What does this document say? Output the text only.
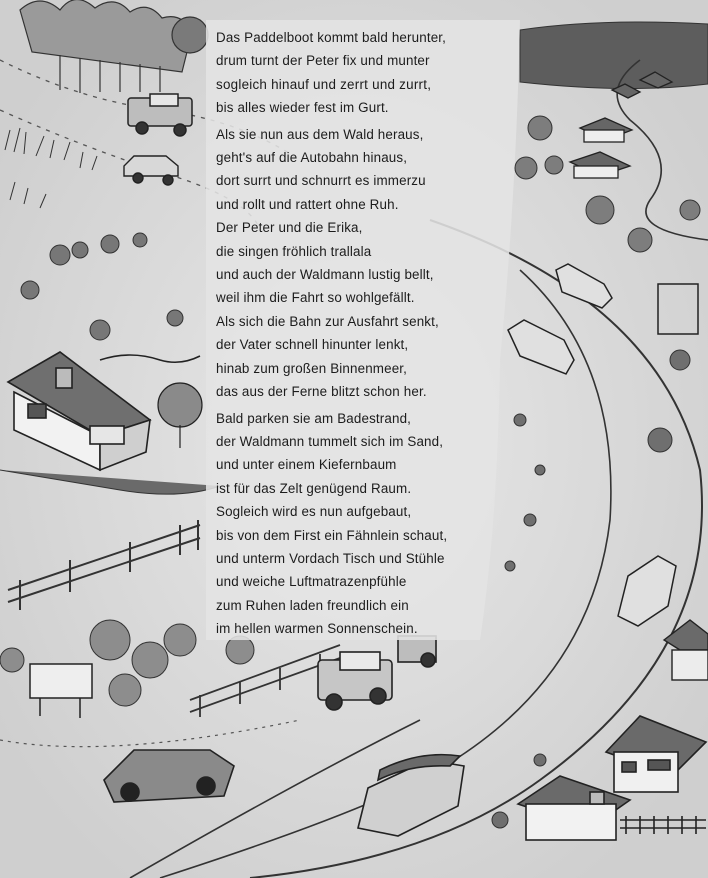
Das Paddelboot kommt bald herunter,
drum turnt der Peter fix und munter
sogleich hinauf und zerrt und zurrt,
bis alles wieder fest im Gurt.
Als sie nun aus dem Wald heraus,
geht's auf die Autobahn hinaus,
dort surrt und schnurrt es immerzu
und rollt und rattert ohne Ruh.
Der Peter und die Erika,
die singen fröhlich trallala
und auch der Waldmann lustig bellt,
weil ihm die Fahrt so wohlgefällt.
Als sich die Bahn zur Ausfahrt senkt,
der Vater schnell hinunter lenkt,
hinab zum großen Binnenmeer,
das aus der Ferne blitzt schon her.
Bald parken sie am Badestrand,
der Waldmann tummelt sich im Sand,
und unter einem Kiefernbaum
ist für das Zelt genügend Raum.
Sogleich wird es nun aufgebaut,
bis von dem First ein Fähnlein schaut,
und unterm Vordach Tisch und Stühle
und weiche Luftmatrazenpfühle
zum Ruhen laden freundlich ein
im hellen warmen Sonnenschein.
